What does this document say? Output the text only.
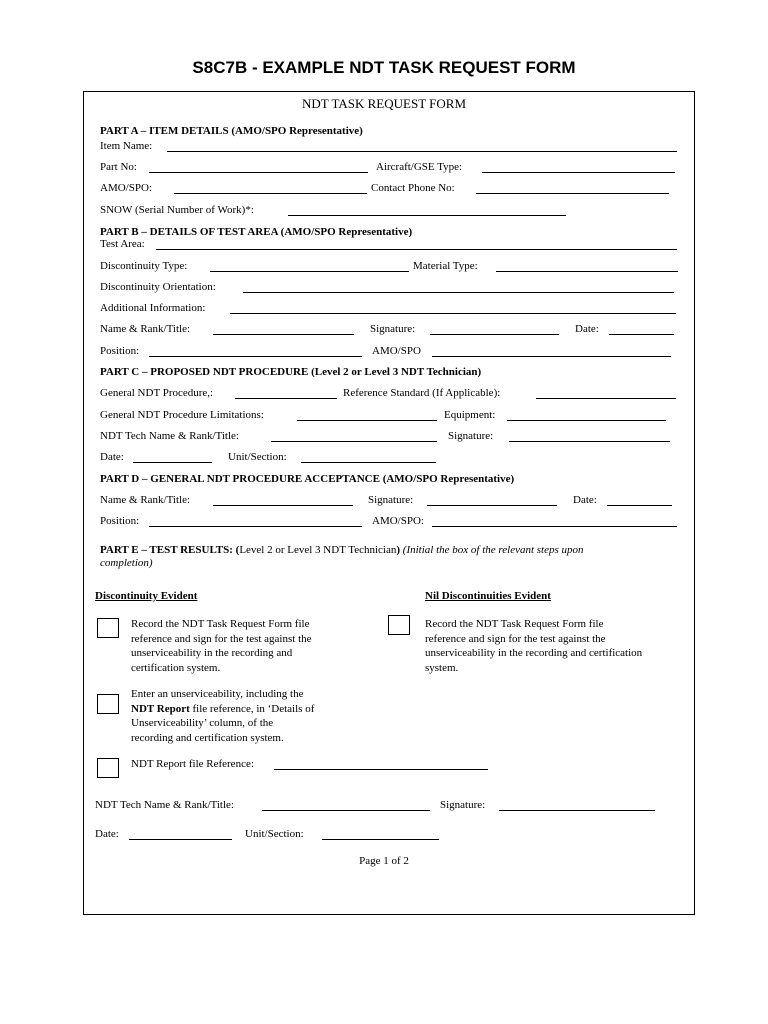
S8C7B - EXAMPLE NDT TASK REQUEST FORM
NDT TASK REQUEST FORM
PART A – ITEM DETAILS (AMO/SPO Representative)
Item Name:
Part No:	Aircraft/GSE Type:
AMO/SPO:	Contact Phone No:
SNOW (Serial Number of Work)*:
PART B – DETAILS OF TEST AREA (AMO/SPO Representative)
Test Area:
Discontinuity Type:	Material Type:
Discontinuity Orientation:
Additional Information:
Name & Rank/Title:	Signature:	Date:
Position:	AMO/SPO
PART C – PROPOSED NDT PROCEDURE (Level 2 or Level 3 NDT Technician)
General NDT Procedure,:	Reference Standard (If Applicable):
General NDT Procedure Limitations:	Equipment:
NDT Tech Name & Rank/Title:	Signature:
Date:	Unit/Section:
PART D – GENERAL NDT PROCEDURE ACCEPTANCE (AMO/SPO Representative)
Name & Rank/Title:	Signature:	Date:
Position:	AMO/SPO:
PART E – TEST RESULTS: (Level 2 or Level 3 NDT Technician) (Initial the box of the relevant steps upon
completion)
Discontinuity Evident	Nil Discontinuities Evident
Record the NDT Task Request Form file
reference and sign for the test against the
unserviceability in the recording and
certification system.
Record the NDT Task Request Form file
reference and sign for the test against the
unserviceability in the recording and certification
system.
Enter an unserviceability, including the
NDT Report file reference, in ‘Details of
Unserviceability’ column, of the
recording and certification system.
NDT Report file Reference:
NDT Tech Name & Rank/Title:	Signature:
Date:	Unit/Section:
Page 1 of 2
